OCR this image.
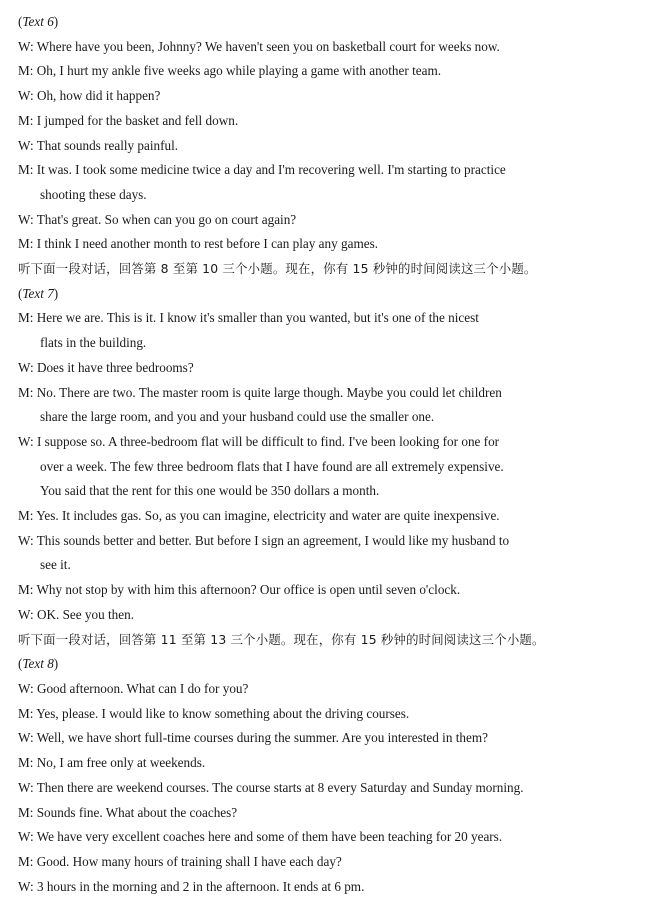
(Text 6)

W: Where have you been, Johnny? We haven't seen you on basketball court for weeks now.

M: Oh, I hurt my ankle five weeks ago while playing a game with another team.

W: Oh, how did it happen?

M: I jumped for the basket and fell down.

W: That sounds really painful.

M: It was. I took some medicine twice a day and I'm recovering well. I'm starting to practice

shooting these days.

W: That's great. So when can you go on court again?

M: I think I need another month to rest before I can play any games.

听下面一段对话，回答第 8 至第 10 三个小题。现在，你有 15 秒钟的时间阅读这三个小题。

(Text 7)

M: Here we are. This is it. I know it's smaller than you wanted, but it's one of the nicest

flats in the building.

W: Does it have three bedrooms?

M: No. There are two. The master room is quite large though. Maybe you could let children

share the large room, and you and your husband could use the smaller one.

W: I suppose so. A three-bedroom flat will be difficult to find. I've been looking for one for

over a week. The few three bedroom flats that I have found are all extremely expensive.

You said that the rent for this one would be 350 dollars a month.

M: Yes. It includes gas. So, as you can imagine, electricity and water are quite inexpensive.

W: This sounds better and better. But before I sign an agreement, I would like my husband to

see it.

M: Why not stop by with him this afternoon? Our office is open until seven o'clock.

W: OK. See you then.

听下面一段对话，回答第 11 至第 13 三个小题。现在，你有 15 秒钟的时间阅读这三个小题。

(Text 8)

W: Good afternoon. What can I do for you?

M: Yes, please. I would like to know something about the driving courses.

W: Well, we have short full-time courses during the summer. Are you interested in them?

M: No, I am free only at weekends.

W: Then there are weekend courses. The course starts at 8 every Saturday and Sunday morning.

M: Sounds fine. What about the coaches?

W: We have very excellent coaches here and some of them have been teaching for 20 years.

M: Good. How many hours of training shall I have each day?

W: 3 hours in the morning and 2 in the afternoon. It ends at 6 pm.
